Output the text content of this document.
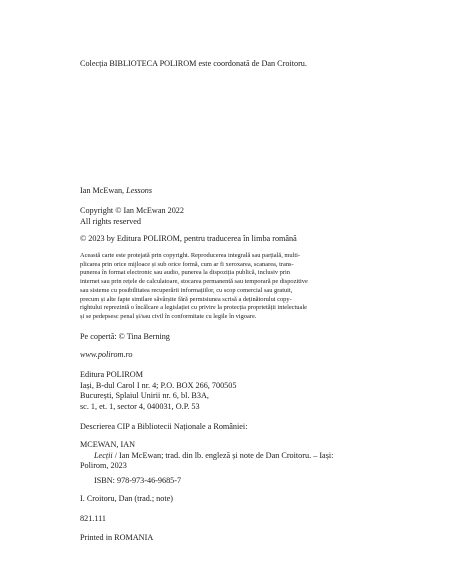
Colecția BIBLIOTECA POLIROM este coordonată de Dan Croitoru.
Ian McEwan, Lessons
Copyright © Ian McEwan 2022
All rights reserved
© 2023 by Editura POLIROM, pentru traducerea în limba română
Această carte este protejată prin copyright. Reproducerea integrală sau parțială, multi-
plicarea prin orice mijloace și sub orice formă, cum ar fi xeroxarea, scanarea, trans-
punerea în format electronic sau audio, punerea la dispoziția publică, inclusiv prin
internet sau prin rețele de calculatoare, stocarea permanentă sau temporară pe dispozitive
sau sisteme cu posibilitatea recuperării informațiilor, cu scop comercial sau gratuit,
precum și alte fapte similare săvârșite fără permisiunea scrisă a deținătorului copy-
rightului reprezintă o încălcare a legislației cu privire la protecția proprietății intelectuale
și se pedepsesc penal și/sau civil în conformitate cu legile în vigoare.
Pe copertă: © Tina Berning
www.polirom.ro
Editura POLIROM
Iași, B-dul Carol I nr. 4; P.O. BOX 266, 700505
București, Splaiul Unirii nr. 6, bl. B3A,
sc. 1, et. 1, sector 4, 040031, O.P. 53
Descrierea CIP a Bibliotecii Naționale a României:
MCEWAN, IAN
Lecții / Ian McEwan; trad. din lb. engleză și note de Dan Croitoru. – Iași:
Polirom, 2023
ISBN: 978-973-46-9685-7
I. Croitoru, Dan (trad.; note)
821.111
Printed in ROMANIA
